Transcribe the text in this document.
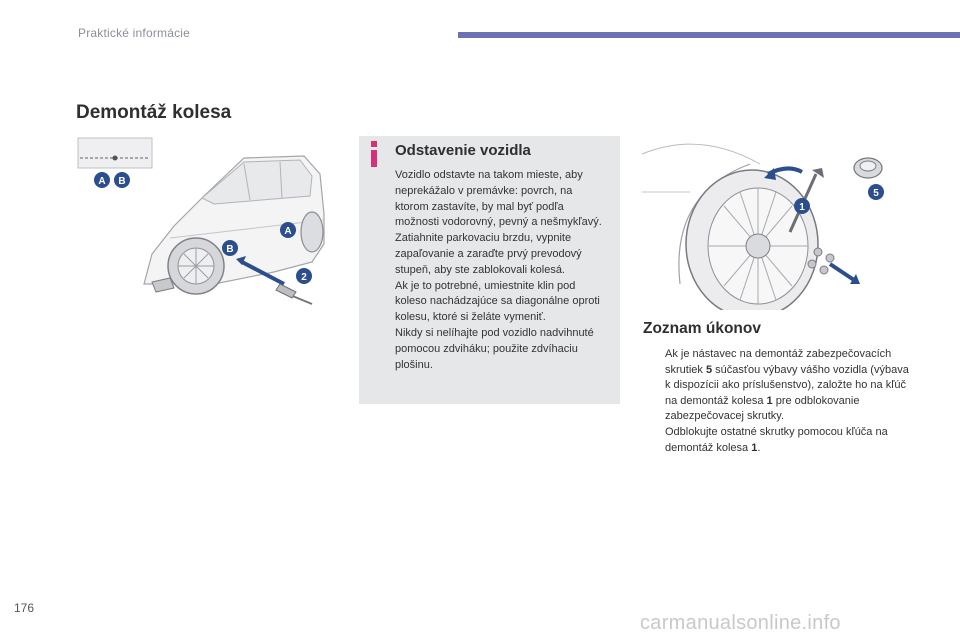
Praktické informácie
Demontáž kolesa
A B
A
B
2
Odstavenie vozidla

Vozidlo odstavte na takom mieste, aby neprekážalo v premávke: povrch, na ktorom zastavíte, by mal byť podľa možnosti vodorovný, pevný a nešmykľavý.

Zatiahnite parkovaciu brzdu, vypnite zapaľovanie a zaraďte prvý prevodový stupeň, aby ste zablokovali kolesá.

Ak je to potrebné, umiestnite klin pod koleso nachádzajúce sa diagonálne oproti kolesu, ktoré si želáte vymeniť.

Nikdy si nelíhajte pod vozidlo nadvihnuté pomocou zdviháku; použite zdvíhaciu plošinu.

1
5
Zoznam úkonov
Ak je nástavec na demontáž zabezpečovacích skrutiek 5 súčasťou výbavy vášho vozidla (výbava k dispozícii ako príslušenstvo), založte ho na kľúč na demontáž kolesa 1 pre odblokovanie zabezpečovacej skrutky.
Odblokujte ostatné skrutky pomocou kľúča na demontáž kolesa 1.
176
carmanualsonline.info
